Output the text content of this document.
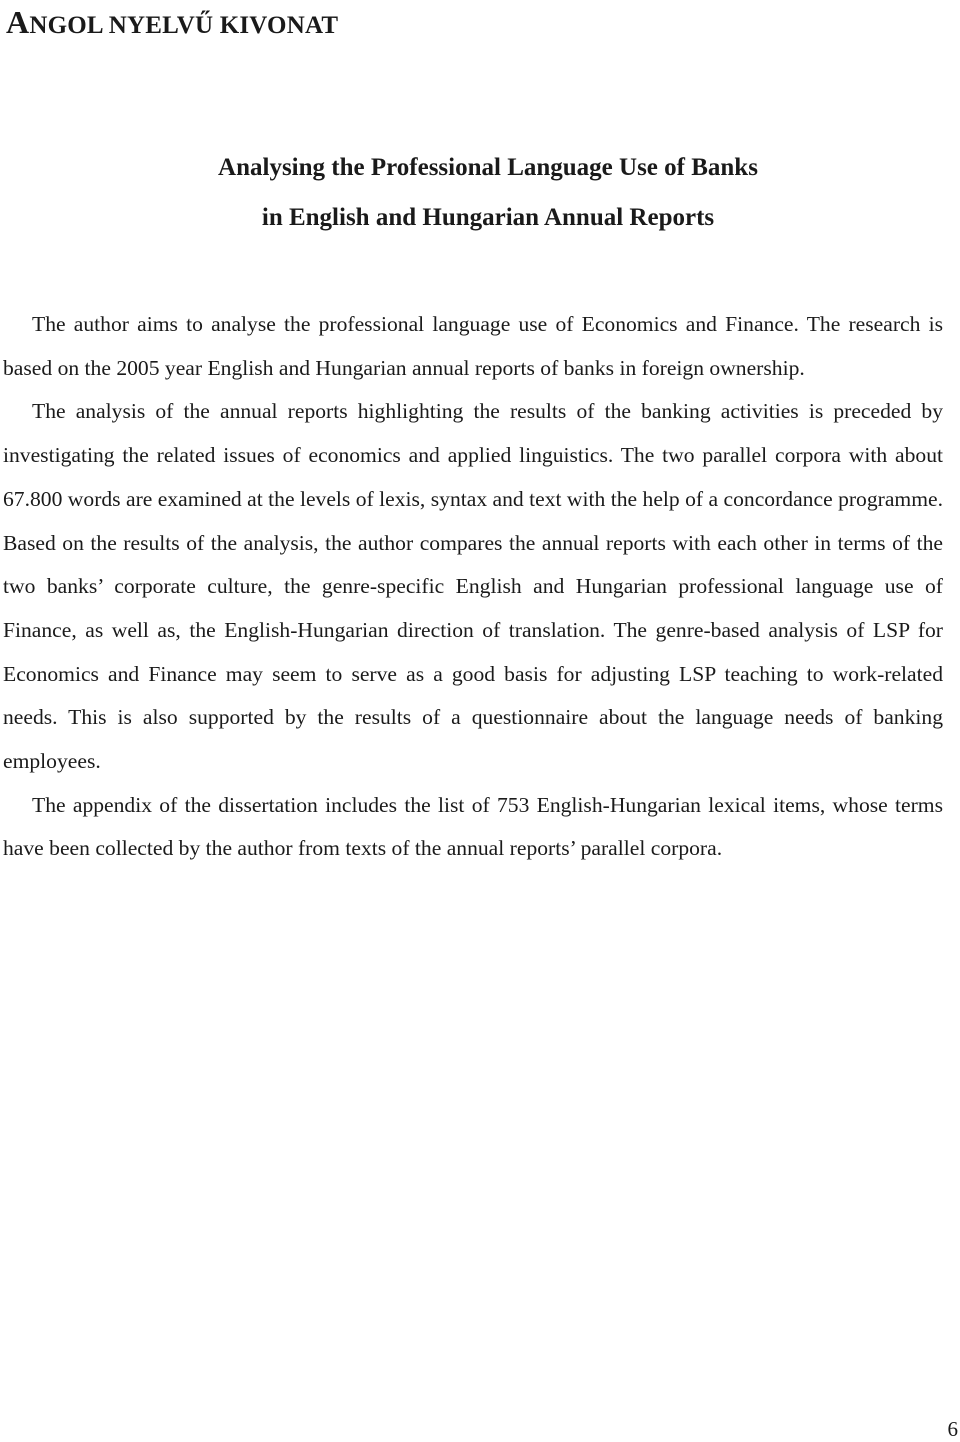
ANGOL NYELVŰ KIVONAT
Analysing the Professional Language Use of Banks
in English and Hungarian Annual Reports

The author aims to analyse the professional language use of Economics and Finance. The research is based on the 2005 year English and Hungarian annual reports of banks in foreign ownership.

The analysis of the annual reports highlighting the results of the banking activities is preceded by investigating the related issues of economics and applied linguistics. The two parallel corpora with about 67.800 words are examined at the levels of lexis, syntax and text with the help of a concordance programme. Based on the results of the analysis, the author compares the annual reports with each other in terms of the two banks’ corporate culture, the genre-specific English and Hungarian professional language use of Finance, as well as, the English-Hungarian direction of translation. The genre-based analysis of LSP for Economics and Finance may seem to serve as a good basis for adjusting LSP teaching to work-related needs. This is also supported by the results of a questionnaire about the language needs of banking employees.

The appendix of the dissertation includes the list of 753 English-Hungarian lexical items, whose terms have been collected by the author from texts of the annual reports’ parallel corpora.

6
